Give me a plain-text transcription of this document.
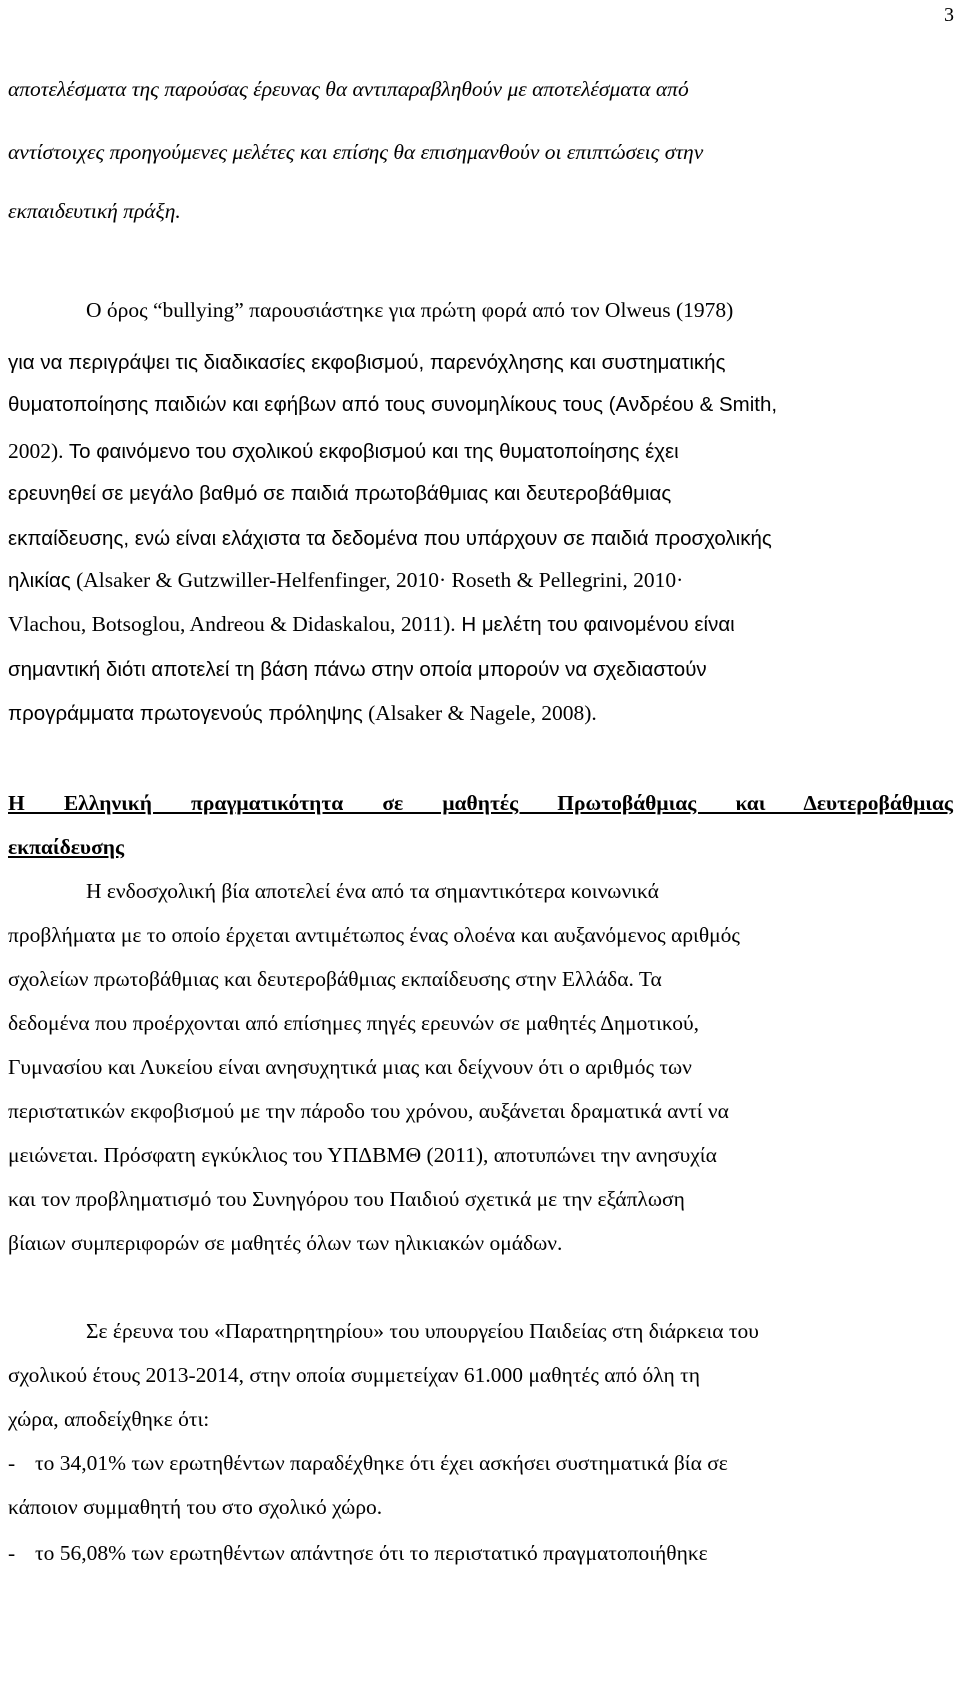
3
αποτελέσματα της παρούσας έρευνας θα αντιπαραβληθούν με αποτελέσματα από
αντίστοιχες προηγούμενες μελέτες και επίσης θα επισημανθούν οι επιπτώσεις στην
εκπαιδευτική πράξη.
Ο όρος “bullying” παρουσιάστηκε για πρώτη φορά από τον Olweus (1978)
για να περιγράψει τις διαδικασίες εκφοβισμού, παρενόχλησης και συστηματικής
θυματοποίησης παιδιών και εφήβων από τους συνομηλίκους τους (Ανδρέου & Smith,
2002). Το φαινόμενο του σχολικού εκφοβισμού και της θυματοποίησης έχει
ερευνηθεί σε μεγάλο βαθμό σε παιδιά πρωτοβάθμιας και δευτεροβάθμιας
εκπαίδευσης, ενώ είναι ελάχιστα τα δεδομένα που υπάρχουν σε παιδιά προσχολικής
ηλικίας (Alsaker & Gutzwiller-Helfenfinger, 2010· Roseth & Pellegrini, 2010·
Vlachou, Botsoglou, Andreou & Didaskalou, 2011). Η μελέτη του φαινομένου είναι
σημαντική διότι αποτελεί τη βάση πάνω στην οποία μπορούν να σχεδιαστούν
προγράμματα πρωτογενούς πρόληψης (Alsaker & Nagele, 2008).
Η Ελληνική πραγματικότητα σε μαθητές Πρωτοβάθμιας και Δευτεροβάθμιας
εκπαίδευσης
Η ενδοσχολική βία αποτελεί ένα από τα σημαντικότερα κοινωνικά
προβλήματα με το οποίο έρχεται αντιμέτωπος ένας ολοένα και αυξανόμενος αριθμός
σχολείων πρωτοβάθμιας και δευτεροβάθμιας εκπαίδευσης στην Ελλάδα. Τα
δεδομένα που προέρχονται από επίσημες πηγές ερευνών σε μαθητές Δημοτικού,
Γυμνασίου και Λυκείου είναι ανησυχητικά μιας και δείχνουν ότι ο αριθμός των
περιστατικών εκφοβισμού με την πάροδο του χρόνου, αυξάνεται δραματικά αντί να
μειώνεται. Πρόσφατη εγκύκλιος του ΥΠΔΒΜΘ (2011), αποτυπώνει την ανησυχία
και τον προβληματισμό του Συνηγόρου του Παιδιού σχετικά με την εξάπλωση
βίαιων συμπεριφορών σε μαθητές όλων των ηλικιακών ομάδων.
Σε έρευνα του «Παρατηρητηρίου» του υπουργείου Παιδείας στη διάρκεια του
σχολικού έτους 2013-2014, στην οποία συμμετείχαν 61.000 μαθητές από όλη τη
χώρα, αποδείχθηκε ότι:
- το 34,01% των ερωτηθέντων παραδέχθηκε ότι έχει ασκήσει συστηματικά βία σε
κάποιον συμμαθητή του στο σχολικό χώρο.
- το 56,08% των ερωτηθέντων απάντησε ότι το περιστατικό πραγματοποιήθηκε
